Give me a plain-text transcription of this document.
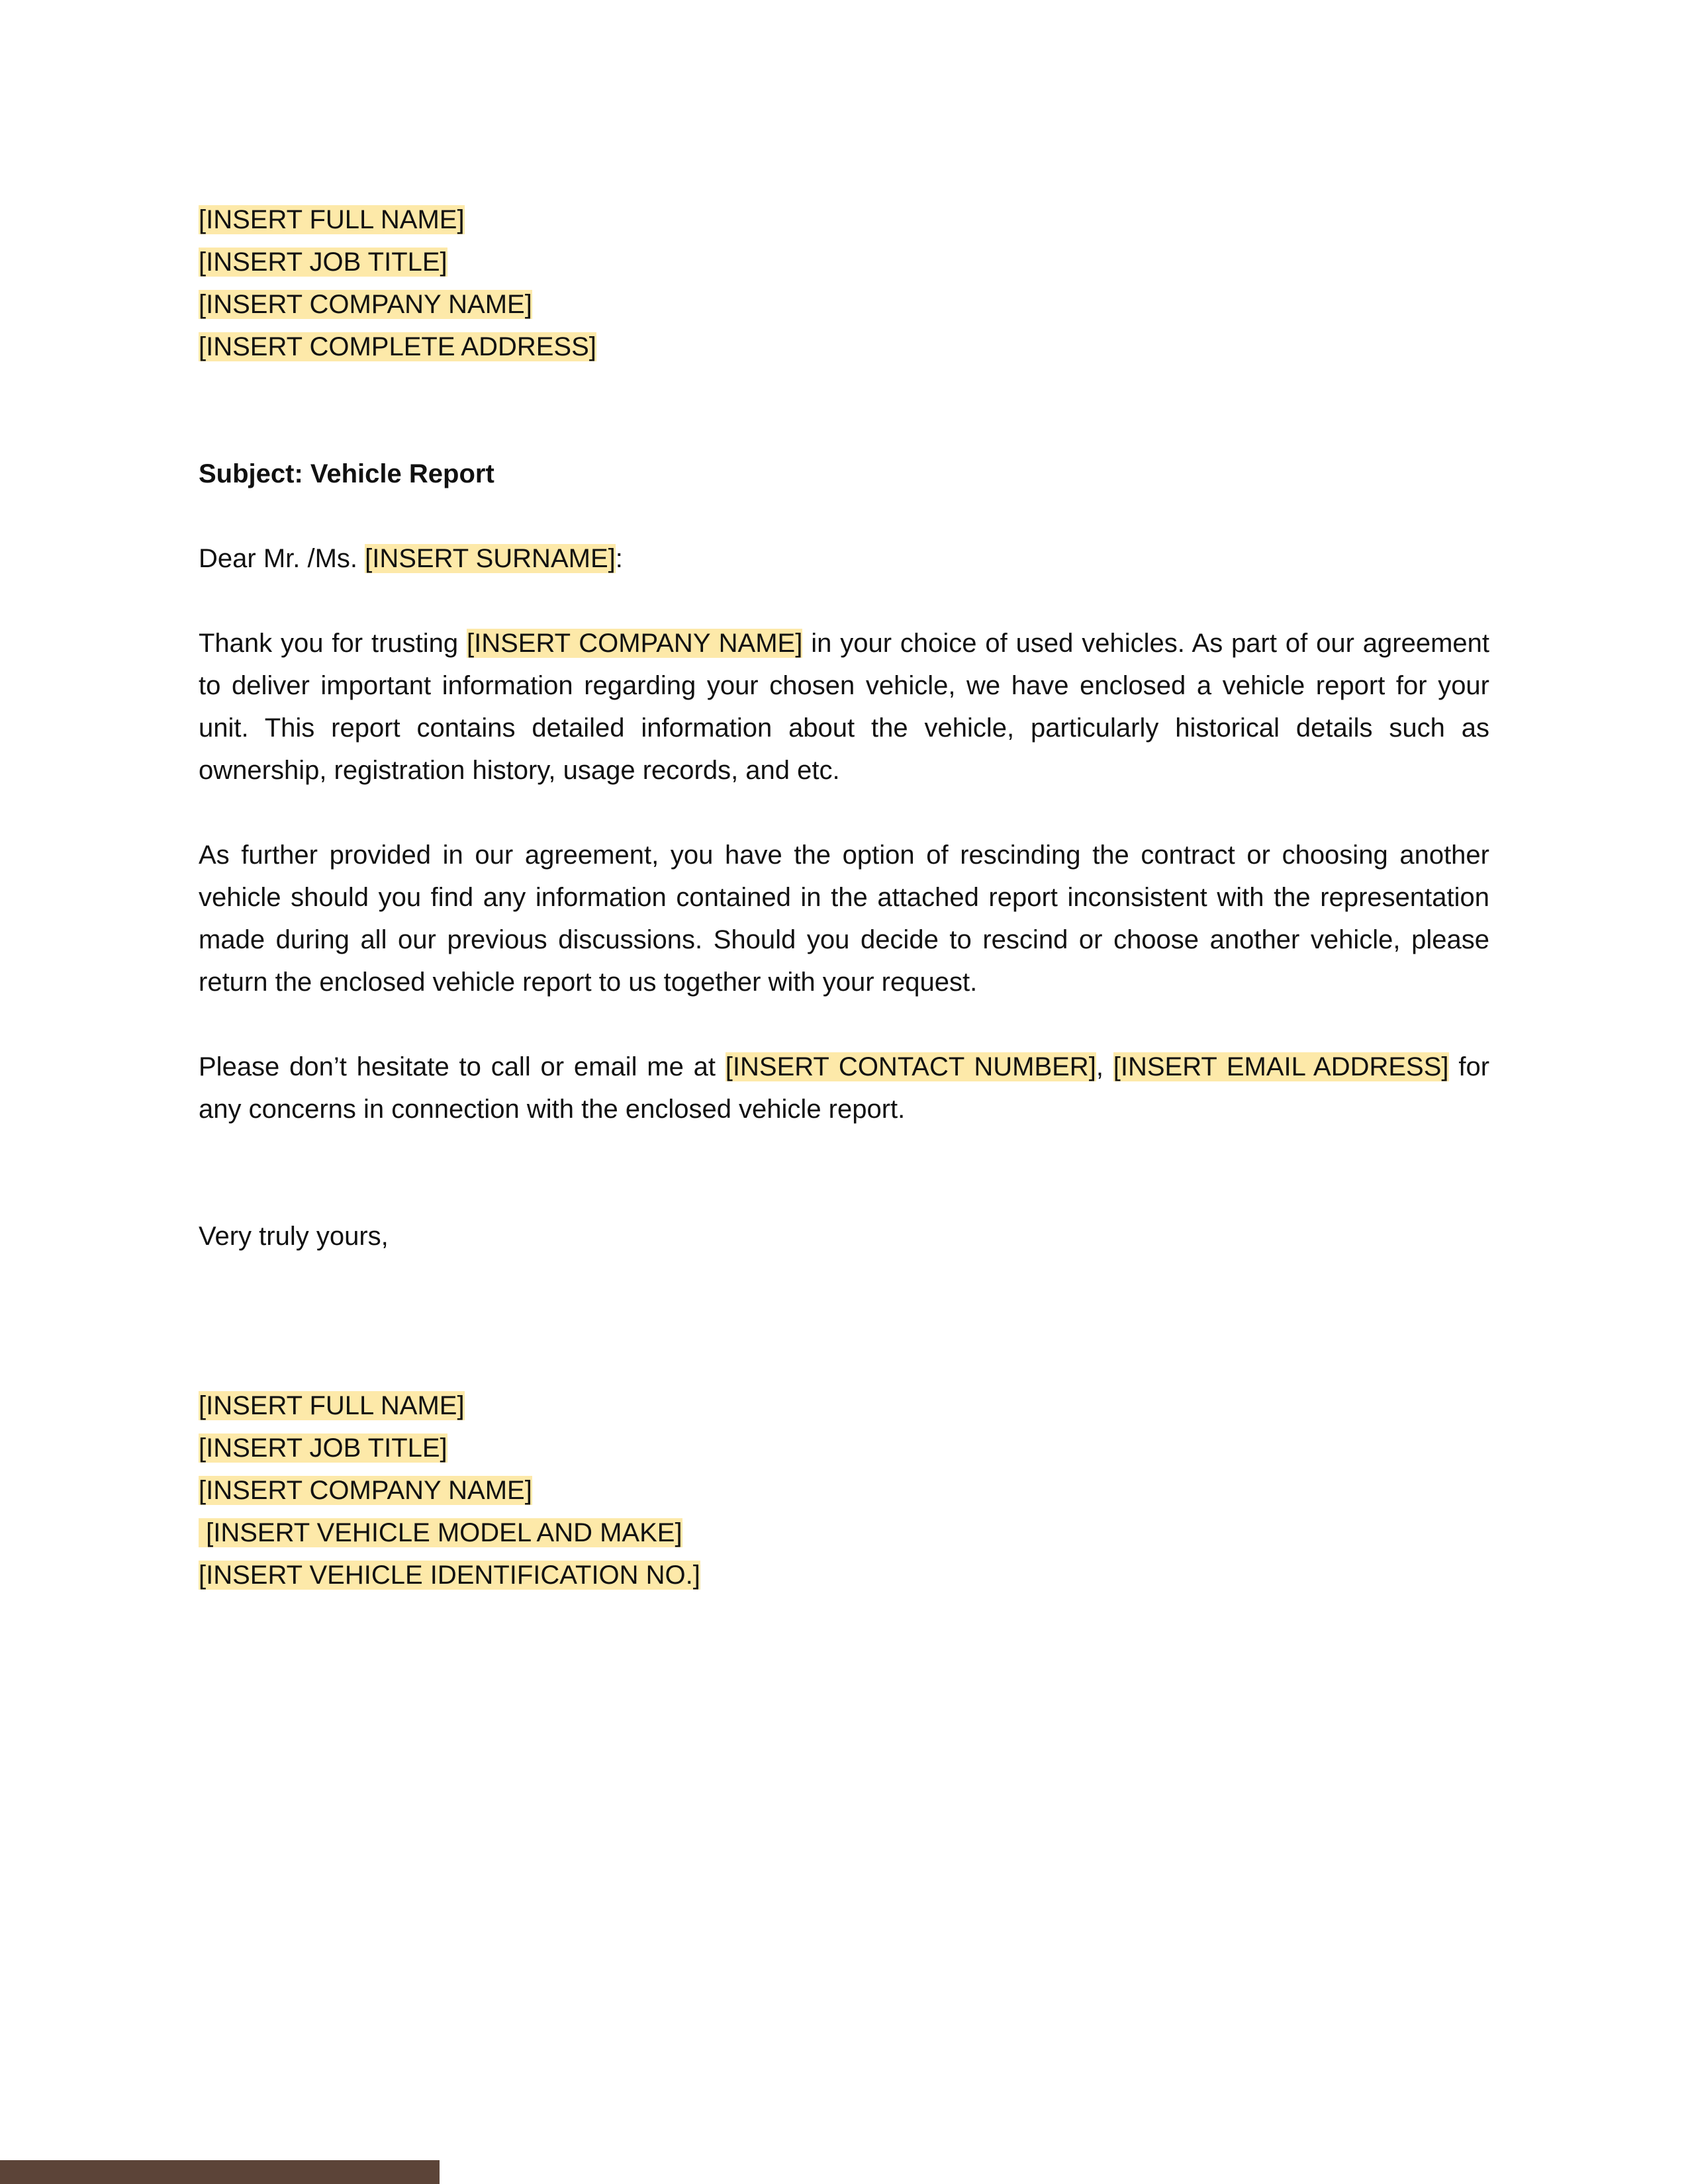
[INSERT FULL NAME]
[INSERT JOB TITLE]
[INSERT COMPANY NAME]
[INSERT COMPLETE ADDRESS]
Subject: Vehicle Report
Dear Mr. /Ms. [INSERT SURNAME]:

Thank you for trusting [INSERT COMPANY NAME] in your choice of used vehicles. As part of our agreement to deliver important information regarding your chosen vehicle, we have enclosed a vehicle report for your unit. This report contains detailed information about the vehicle, particularly historical details such as ownership, registration history, usage records, and etc.

As further provided in our agreement, you have the option of rescinding the contract or choosing another vehicle should you find any information contained in the attached report inconsistent with the representation made during all our previous discussions. Should you decide to rescind or choose another vehicle, please return the enclosed vehicle report to us together with your request.

Please don’t hesitate to call or email me at [INSERT CONTACT NUMBER], [INSERT EMAIL ADDRESS] for any concerns in connection with the enclosed vehicle report.

Very truly yours,
[INSERT FULL NAME]
[INSERT JOB TITLE]
[INSERT COMPANY NAME]
[INSERT VEHICLE MODEL AND MAKE]
[INSERT VEHICLE IDENTIFICATION NO.]
